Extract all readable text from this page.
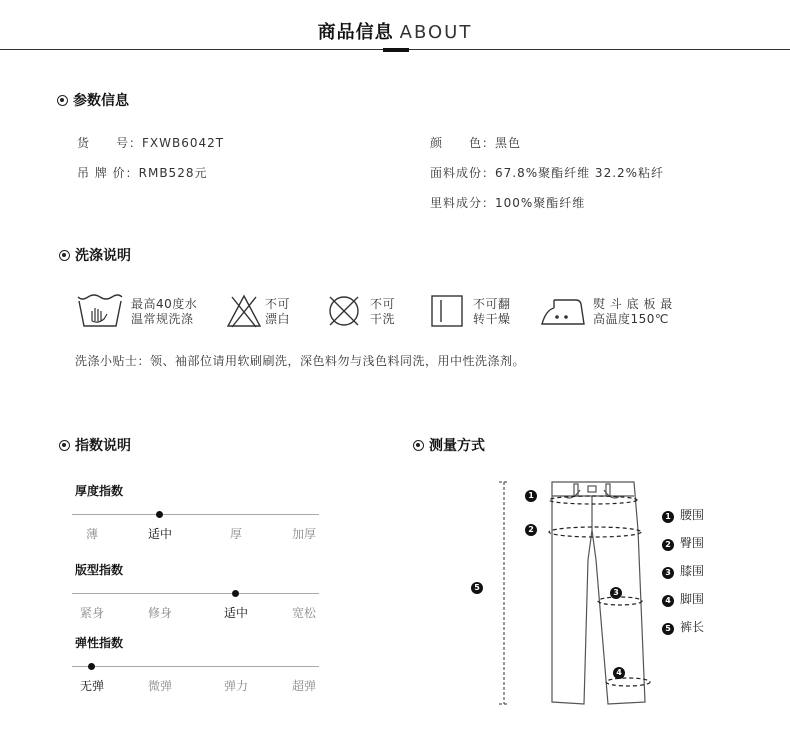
商品信息 ABOUT
参数信息
货　　号：FXWB6042T
吊 牌 价：RMB528元
颜　　色：黑色
面料成份：67.8%聚酯纤维 32.2%粘纤
里料成分：100%聚酯纤维
洗涤说明
最高40度水
温常规洗涤
不可
漂白
不可
干洗
不可翻
转干燥
熨 斗 底 板 最
高温度150℃
洗涤小贴士：领、袖部位请用软刷刷洗，深色料勿与浅色料同洗，用中性洗涤剂。
指数说明
厚度指数
薄	适中	厚	加厚
版型指数
紧身	修身	适中	宽松
弹性指数
无弹	微弹	弹力	超弹
测量方式
1
2
5
3
4
1 腰围
2 臀围
3 膝围
4 脚围
5 裤长
